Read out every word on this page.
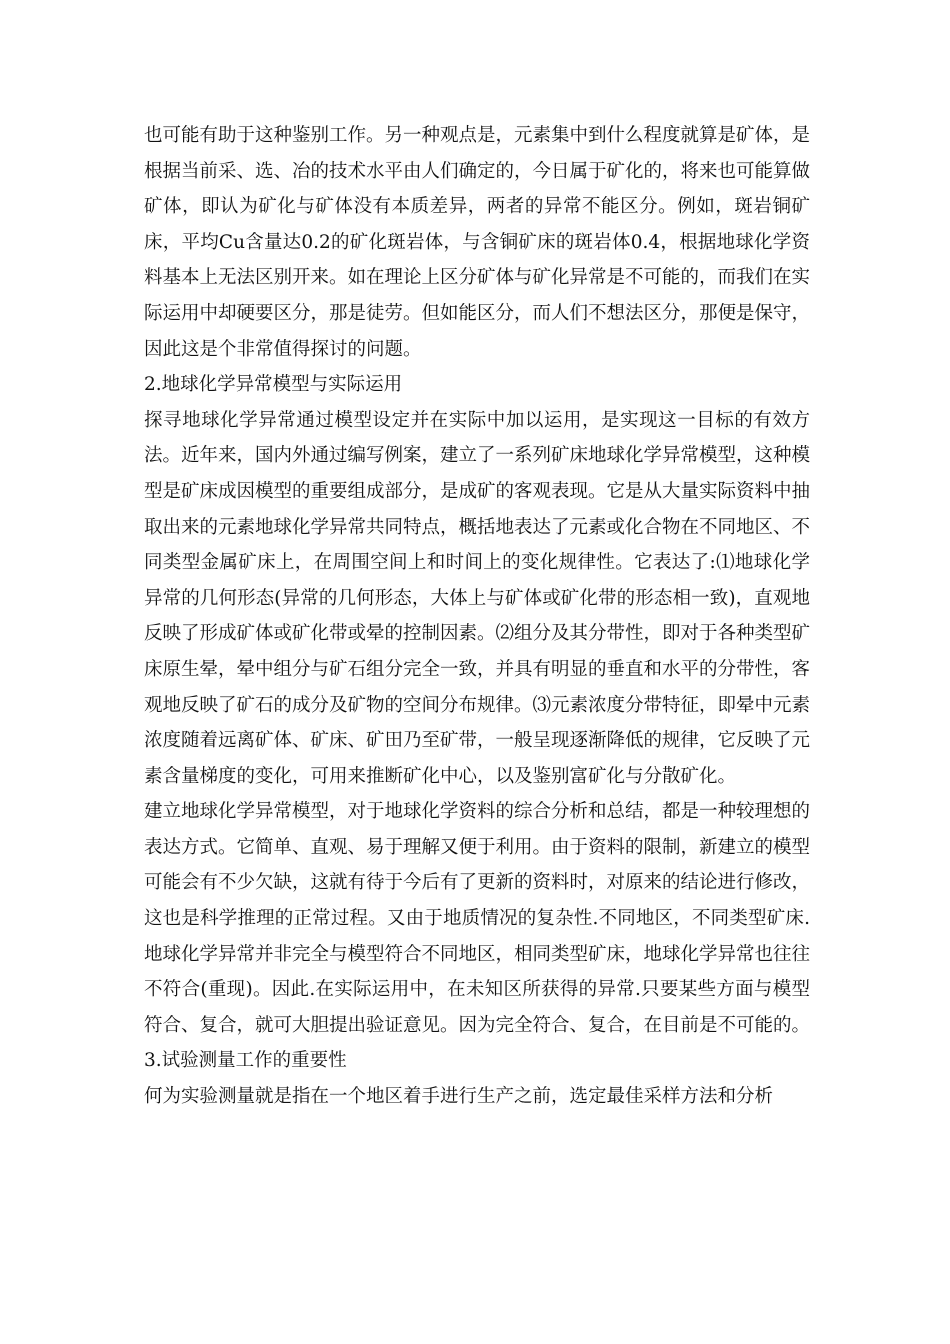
也可能有助于这种鉴别工作。另一种观点是，元素集中到什么程度就算是矿体，是根据当前采、选、冶的技术水平由人们确定的，今日属于矿化的，将来也可能算做矿体，即认为矿化与矿体没有本质差异，两者的异常不能区分。例如，斑岩铜矿床，平均Cu含量达0.2的矿化斑岩体，与含铜矿床的斑岩体0.4，根据地球化学资料基本上无法区别开来。如在理论上区分矿体与矿化异常是不可能的，而我们在实际运用中却硬要区分，那是徒劳。但如能区分，而人们不想法区分，那便是保守，因此这是个非常值得探讨的问题。

2.地球化学异常模型与实际运用

探寻地球化学异常通过模型设定并在实际中加以运用，是实现这一目标的有效方法。近年来，国内外通过编写例案，建立了一系列矿床地球化学异常模型，这种模型是矿床成因模型的重要组成部分，是成矿的客观表现。它是从大量实际资料中抽取出来的元素地球化学异常共同特点，概括地表达了元素或化合物在不同地区、不同类型金属矿床上，在周围空间上和时间上的变化规律性。它表达了:⑴地球化学异常的几何形态(异常的几何形态，大体上与矿体或矿化带的形态相一致)，直观地反映了形成矿体或矿化带或晕的控制因素。⑵组分及其分带性，即对于各种类型矿床原生晕，晕中组分与矿石组分完全一致，并具有明显的垂直和水平的分带性，客观地反映了矿石的成分及矿物的空间分布规律。⑶元素浓度分带特征，即晕中元素浓度随着远离矿体、矿床、矿田乃至矿带，一般呈现逐渐降低的规律，它反映了元素含量梯度的变化，可用来推断矿化中心，以及鉴别富矿化与分散矿化。

建立地球化学异常模型，对于地球化学资料的综合分析和总结，都是一种较理想的表达方式。它简单、直观、易于理解又便于利用。由于资料的限制，新建立的模型可能会有不少欠缺，这就有待于今后有了更新的资料时，对原来的结论进行修改，这也是科学推理的正常过程。又由于地质情况的复杂性.不同地区，不同类型矿床.地球化学异常并非完全与模型符合不同地区，相同类型矿床，地球化学异常也往往不符合(重现)。因此.在实际运用中，在未知区所获得的异常.只要某些方面与模型符合、复合，就可大胆提出验证意见。因为完全符合、复合，在目前是不可能的。

3.试验测量工作的重要性

何为实验测量就是指在一个地区着手进行生产之前，选定最佳采样方法和分析
